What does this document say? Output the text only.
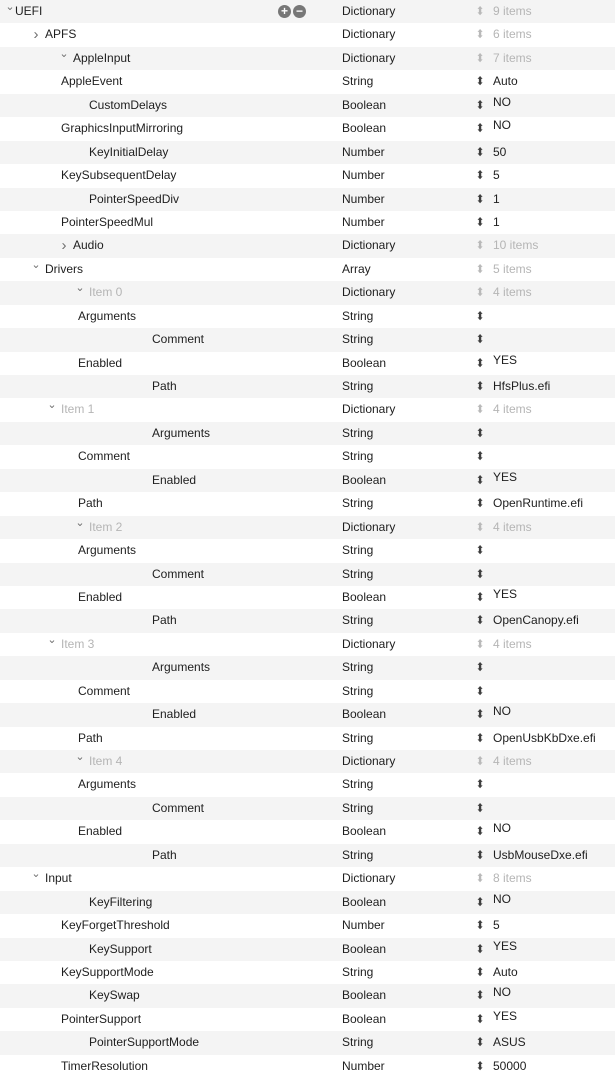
⌄ UEFI	+ −	Dictionary	⬍ 9 items
› APFS	Dictionary	⬍ 6 items
⌄ AppleInput	Dictionary	⬍ 7 items
AppleEvent	String	⬍ Auto
CustomDelays	Boolean	⬍ NO
GraphicsInputMirroring	Boolean	⬍ NO
KeyInitialDelay	Number	⬍ 50
KeySubsequentDelay	Number	⬍ 5
PointerSpeedDiv	Number	⬍ 1
PointerSpeedMul	Number	⬍ 1
› Audio	Dictionary	⬍ 10 items
⌄ Drivers	Array	⬍ 5 items
⌄ Item 0	Dictionary	⬍ 4 items
Arguments	String	⬍
Comment	String	⬍
Enabled	Boolean	⬍ YES
Path	String	⬍ HfsPlus.efi
⌄ Item 1	Dictionary	⬍ 4 items
Arguments	String	⬍
Comment	String	⬍
Enabled	Boolean	⬍ YES
Path	String	⬍ OpenRuntime.efi
⌄ Item 2	Dictionary	⬍ 4 items
Arguments	String	⬍
Comment	String	⬍
Enabled	Boolean	⬍ YES
Path	String	⬍ OpenCanopy.efi
⌄ Item 3	Dictionary	⬍ 4 items
Arguments	String	⬍
Comment	String	⬍
Enabled	Boolean	⬍ NO
Path	String	⬍ OpenUsbKbDxe.efi
⌄ Item 4	Dictionary	⬍ 4 items
Arguments	String	⬍
Comment	String	⬍
Enabled	Boolean	⬍ NO
Path	String	⬍ UsbMouseDxe.efi
⌄ Input	Dictionary	⬍ 8 items
KeyFiltering	Boolean	⬍ NO
KeyForgetThreshold	Number	⬍ 5
KeySupport	Boolean	⬍ YES
KeySupportMode	String	⬍ Auto
KeySwap	Boolean	⬍ NO
PointerSupport	Boolean	⬍ YES
PointerSupportMode	String	⬍ ASUS
TimerResolution	Number	⬍ 50000
